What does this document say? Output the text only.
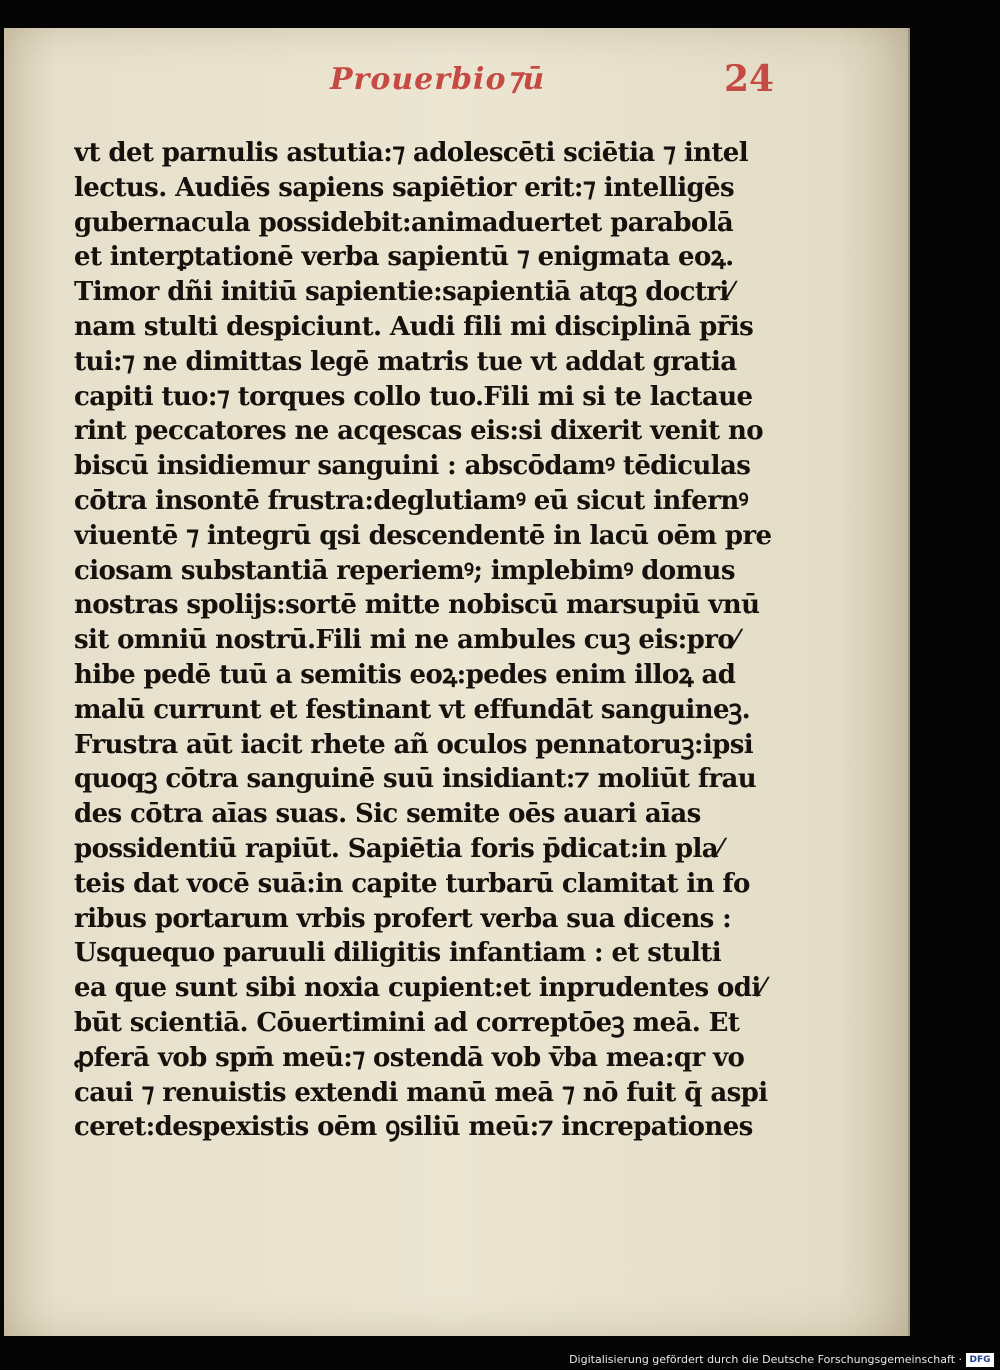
Prouerbio⁊ū	24
vt det parnulis astutia:⁊ adolescēti sciētia ⁊ intel
lectus. Audiēs sapiens sapiētior erit:⁊ intelligēs
gubernacula possidebit:animaduertet parabolā
et interꝑtationē verba sapientū ⁊ enigmata eoꝝ.
Timor dñi initiū sapientie:sapientiā atqꝫ doctri⁄
nam stulti despiciunt. Audi fili mi disciplinā pr̄is
tui:⁊ ne dimittas legē matris tue vt addat gratia
capiti tuo:⁊ torques collo tuo.Fili mi si te lactaue
rint peccatores ne acqescas eis:si dixerit venit no
biscū insidiemur sanguini : abscōdamꝰ tēdiculas
cōtra insontē frustra:deglutiamꝰ eū sicut infernꝰ
viuentē ⁊ integrū qsi descendentē in lacū oēm pre
ciosam substantiā reperiemꝰ; implebimꝰ domus
nostras spolijs:sortē mitte nobiscū marsupiū vnū
sit omniū nostrū.Fili mi ne ambules cuꝫ eis:pro⁄
hibe pedē tuū a semitis eoꝝ:pedes enim illoꝝ ad
malū currunt et festinant vt effundāt sanguineꝫ.
Frustra aūt iacit rhete añ oculos pennatoruꝫ:ipsi
quoqꝫ cōtra sanguinē suū insidiant:⁊ moliūt frau
des cōtra aīas suas. Sic semite oēs auari aīas
possidentiū rapiūt. Sapiētia foris p̄dicat:in pla⁄
teis dat vocē suā:in capite turbarū clamitat in fo
ribus portarum vrbis profert verba sua dicens :
Usquequo paruuli diligitis infantiam : et stulti
ea que sunt sibi noxia cupient:et inprudentes odi⁄
būt scientiā. Cōuertimini ad correptōeꝫ meā. Et
ꝓferā vob spm̄ meū:⁊ ostendā vob v̄ba mea:qr vo
caui ⁊ renuistis extendi manū meā ⁊ nō fuit q̄ aspi
ceret:despexistis oēm ꝯsiliū meū:⁊ increpationes
Digitalisierung gefördert durch die Deutsche Forschungsgemeinschaft · DFG
